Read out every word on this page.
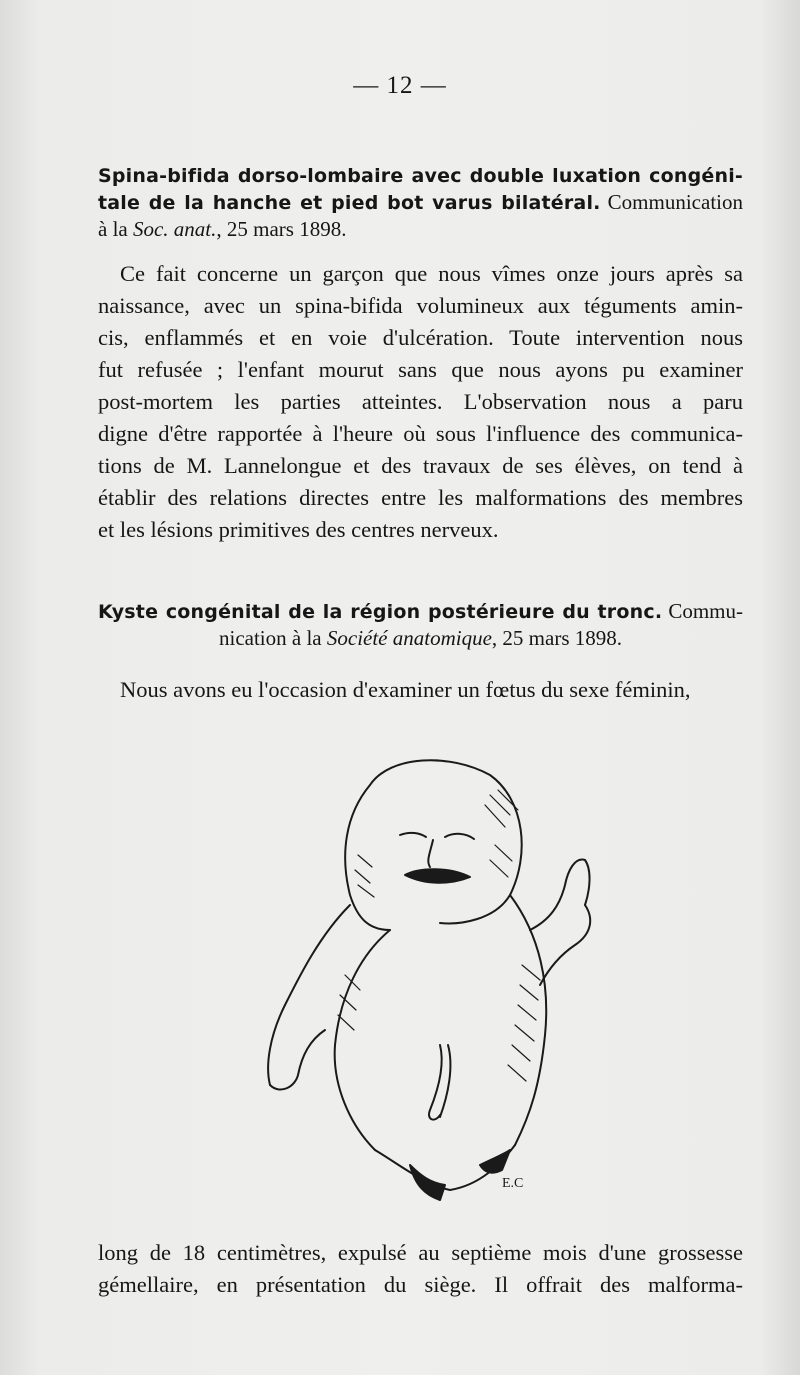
— 12 —
Spina-bifida dorso-lombaire avec double luxation congéni-
tale de la hanche et pied bot varus bilatéral. Communication
à la Soc. anat., 25 mars 1898.
Ce fait concerne un garçon que nous vîmes onze jours après sa
naissance, avec un spina-bifida volumineux aux téguments amin-
cis, enflammés et en voie d'ulcération. Toute intervention nous
fut refusée ; l'enfant mourut sans que nous ayons pu examiner
post-mortem les parties atteintes. L'observation nous a paru
digne d'être rapportée à l'heure où sous l'influence des communica-
tions de M. Lannelongue et des travaux de ses élèves, on tend à
établir des relations directes entre les malformations des membres
et les lésions primitives des centres nerveux.
Kyste congénital de la région postérieure du tronc. Commu-
nication à la Société anatomique, 25 mars 1898.
Nous avons eu l'occasion d'examiner un fœtus du sexe féminin,
E.C
long de 18 centimètres, expulsé au septième mois d'une grossesse
gémellaire, en présentation du siège. Il offrait des malforma-
